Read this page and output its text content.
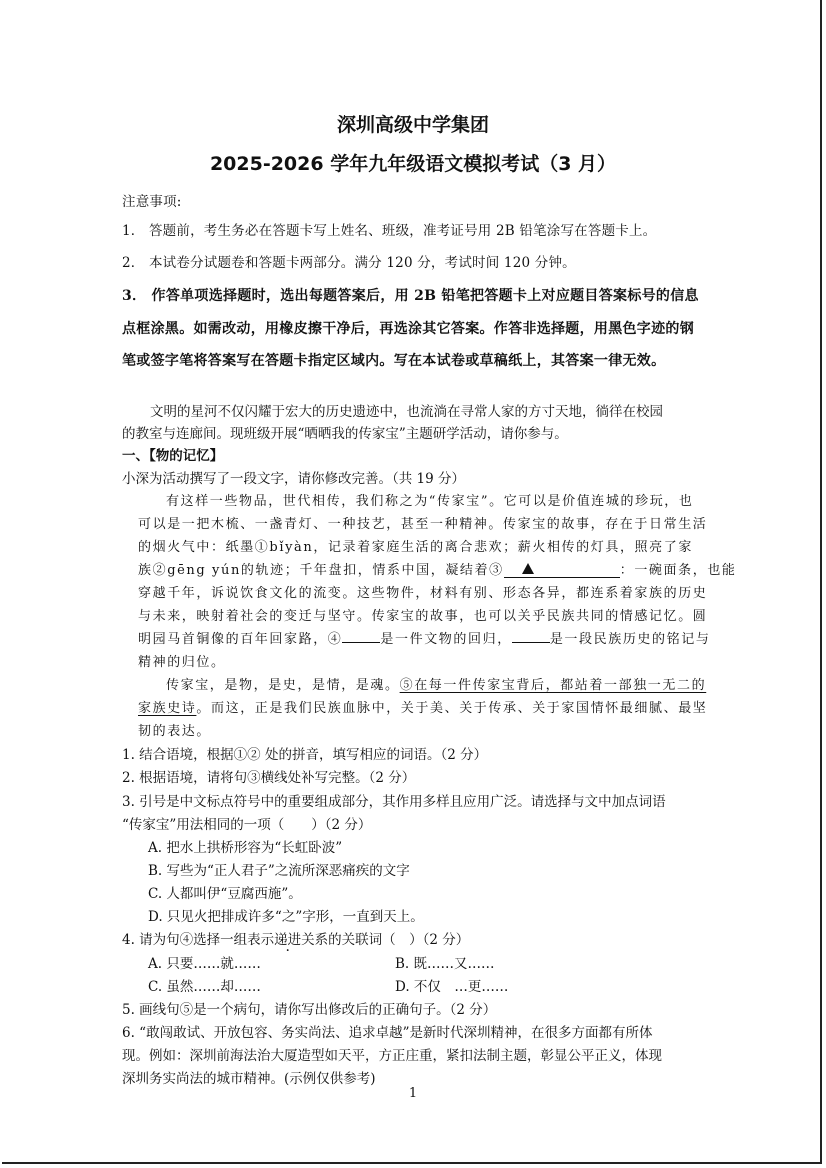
深圳高级中学集团
2025-2026 学年九年级语文模拟考试（3 月）
注意事项:
1． 答题前，考生务必在答题卡写上姓名、班级，准考证号用 2B 铅笔涂写在答题卡上。
2． 本试卷分试题卷和答题卡两部分。满分 120 分，考试时间 120 分钟。
3． 作答单项选择题时，选出每题答案后，用 2B 铅笔把答题卡上对应题目答案标号的信息
点框涂黑。如需改动，用橡皮擦干净后，再选涂其它答案。作答非选择题，用黑色字迹的钢
笔或签字笔将答案写在答题卡指定区域内。写在本试卷或草稿纸上，其答案一律无效。
文明的星河不仅闪耀于宏大的历史遗迹中，也流淌在寻常人家的方寸天地，徜徉在校园
的教室与连廊间。现班级开展“晒晒我的传家宝”主题研学活动，请你参与。
一、【物的记忆】
小深为活动撰写了一段文字，请你修改完善。（共 19 分）
有这样一些物品，世代相传，我们称之为“传家宝”。它可以是价值连城的珍玩，也
可以是一把木梳、一盏青灯、一种技艺，甚至一种精神。传家宝的故事，存在于日常生活
的烟火气中：纸墨①bǐyàn，记录着家庭生活的离合悲欢；薪火相传的灯具，照亮了家
族②gēng yún的轨迹；千年盘扣，情系中国，凝结着③	：一碗面条，也能
穿越千年，诉说饮食文化的流变。这些物件，材料有别、形态各异，都连系着家族的历史
与未来，映射着社会的变迁与坚守。传家宝的故事，也可以关乎民族共同的情感记忆。圆
明园马首铜像的百年回家路，④	是一件文物的回归，	是一段民族历史的铭记与
精神的归位。
传家宝，是物，是史，是情，是魂。⑤在每一件传家宝背后，都站着一部独一无二的
家族史诗。而这，正是我们民族血脉中，关于美、关于传承、关于家国情怀最细腻、最坚
韧的表达。
1. 结合语境，根据①② 处的拼音，填写相应的词语。（2 分）
2. 根据语境，请将句③横线处补写完整。（2 分）
3. 引号是中文标点符号中的重要组成部分，其作用多样且应用广泛。请选择与文中加点词语
“传家宝”用法相同的一项（　　）（2 分）
A. 把水上拱桥形容为“长虹卧波”
B. 写些为“正人君子”之流所深恶痛疾的文字
C. 人都叫伊“豆腐西施”。
D. 只见火把排成许多“之”字形，一直到天上。
4. 请为句④选择一组表示递进关系的关联词（　）（2 分）
A. 只要……就……	B. 既……又……
C. 虽然……却……	D. 不仅　…更……
5. 画线句⑤是一个病句，请你写出修改后的正确句子。（2 分）
6. “敢闯敢试、开放包容、务实尚法、追求卓越”是新时代深圳精神，在很多方面都有所体
现。例如：深圳前海法治大厦造型如天平，方正庄重，紧扣法制主题，彰显公平正义，体现
深圳务实尚法的城市精神。(示例仅供参考)
1
